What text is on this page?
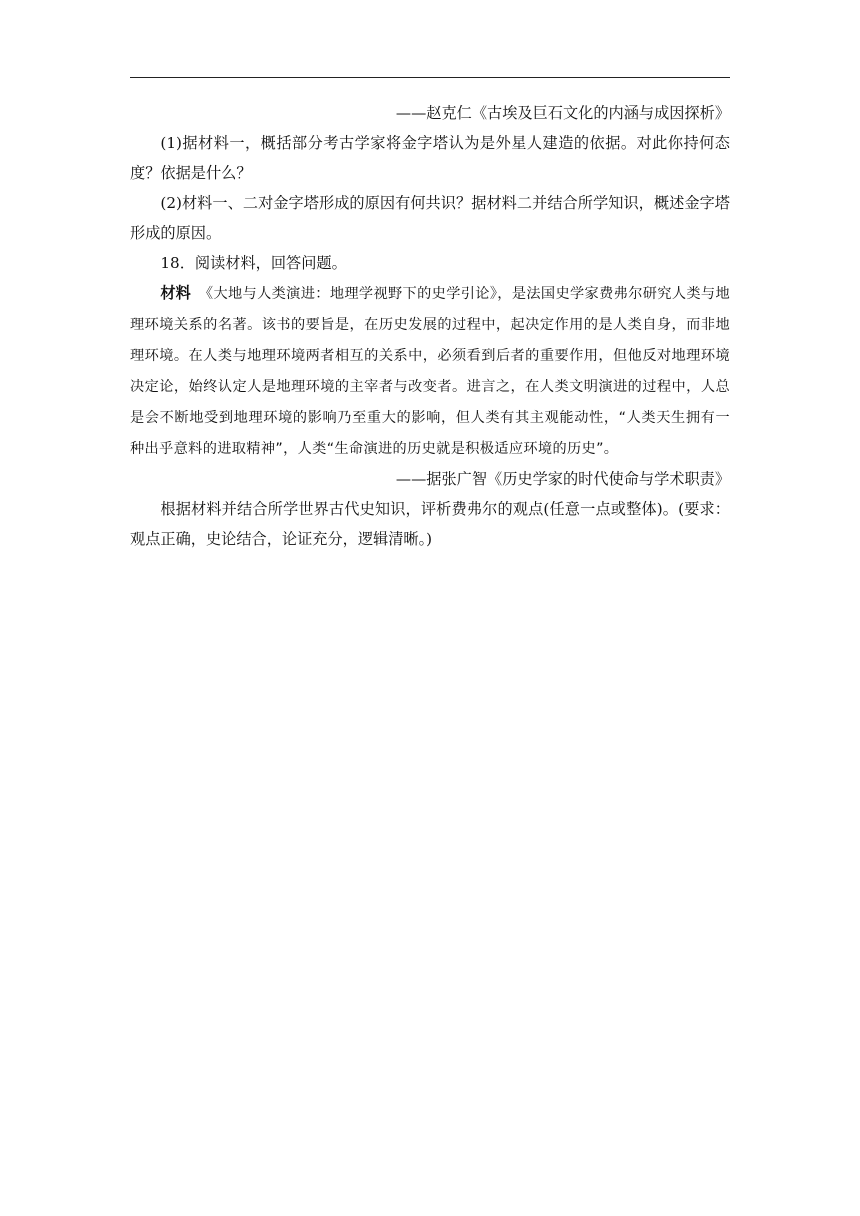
——赵克仁《古埃及巨石文化的内涵与成因探析》

(1)据材料一，概括部分考古学家将金字塔认为是外星人建造的依据。对此你持何态度？依据是什么？

(2)材料一、二对金字塔形成的原因有何共识？据材料二并结合所学知识，概述金字塔形成的原因。

18．阅读材料，回答问题。

材料　 《大地与人类演进：地理学视野下的史学引论》，是法国史学家费弗尔研究人类与地理环境关系的名著。该书的要旨是，在历史发展的过程中，起决定作用的是人类自身，而非地理环境。在人类与地理环境两者相互的关系中，必须看到后者的重要作用，但他反对地理环境决定论，始终认定人是地理环境的主宰者与改变者。进言之，在人类文明演进的过程中，人总是会不断地受到地理环境的影响乃至重大的影响，但人类有其主观能动性，“人类天生拥有一种出乎意料的进取精神”，人类“生命演进的历史就是积极适应环境的历史”。

——据张广智《历史学家的时代使命与学术职责》

根据材料并结合所学世界古代史知识，评析费弗尔的观点(任意一点或整体)。(要求：观点正确，史论结合，论证充分，逻辑清晰。)
